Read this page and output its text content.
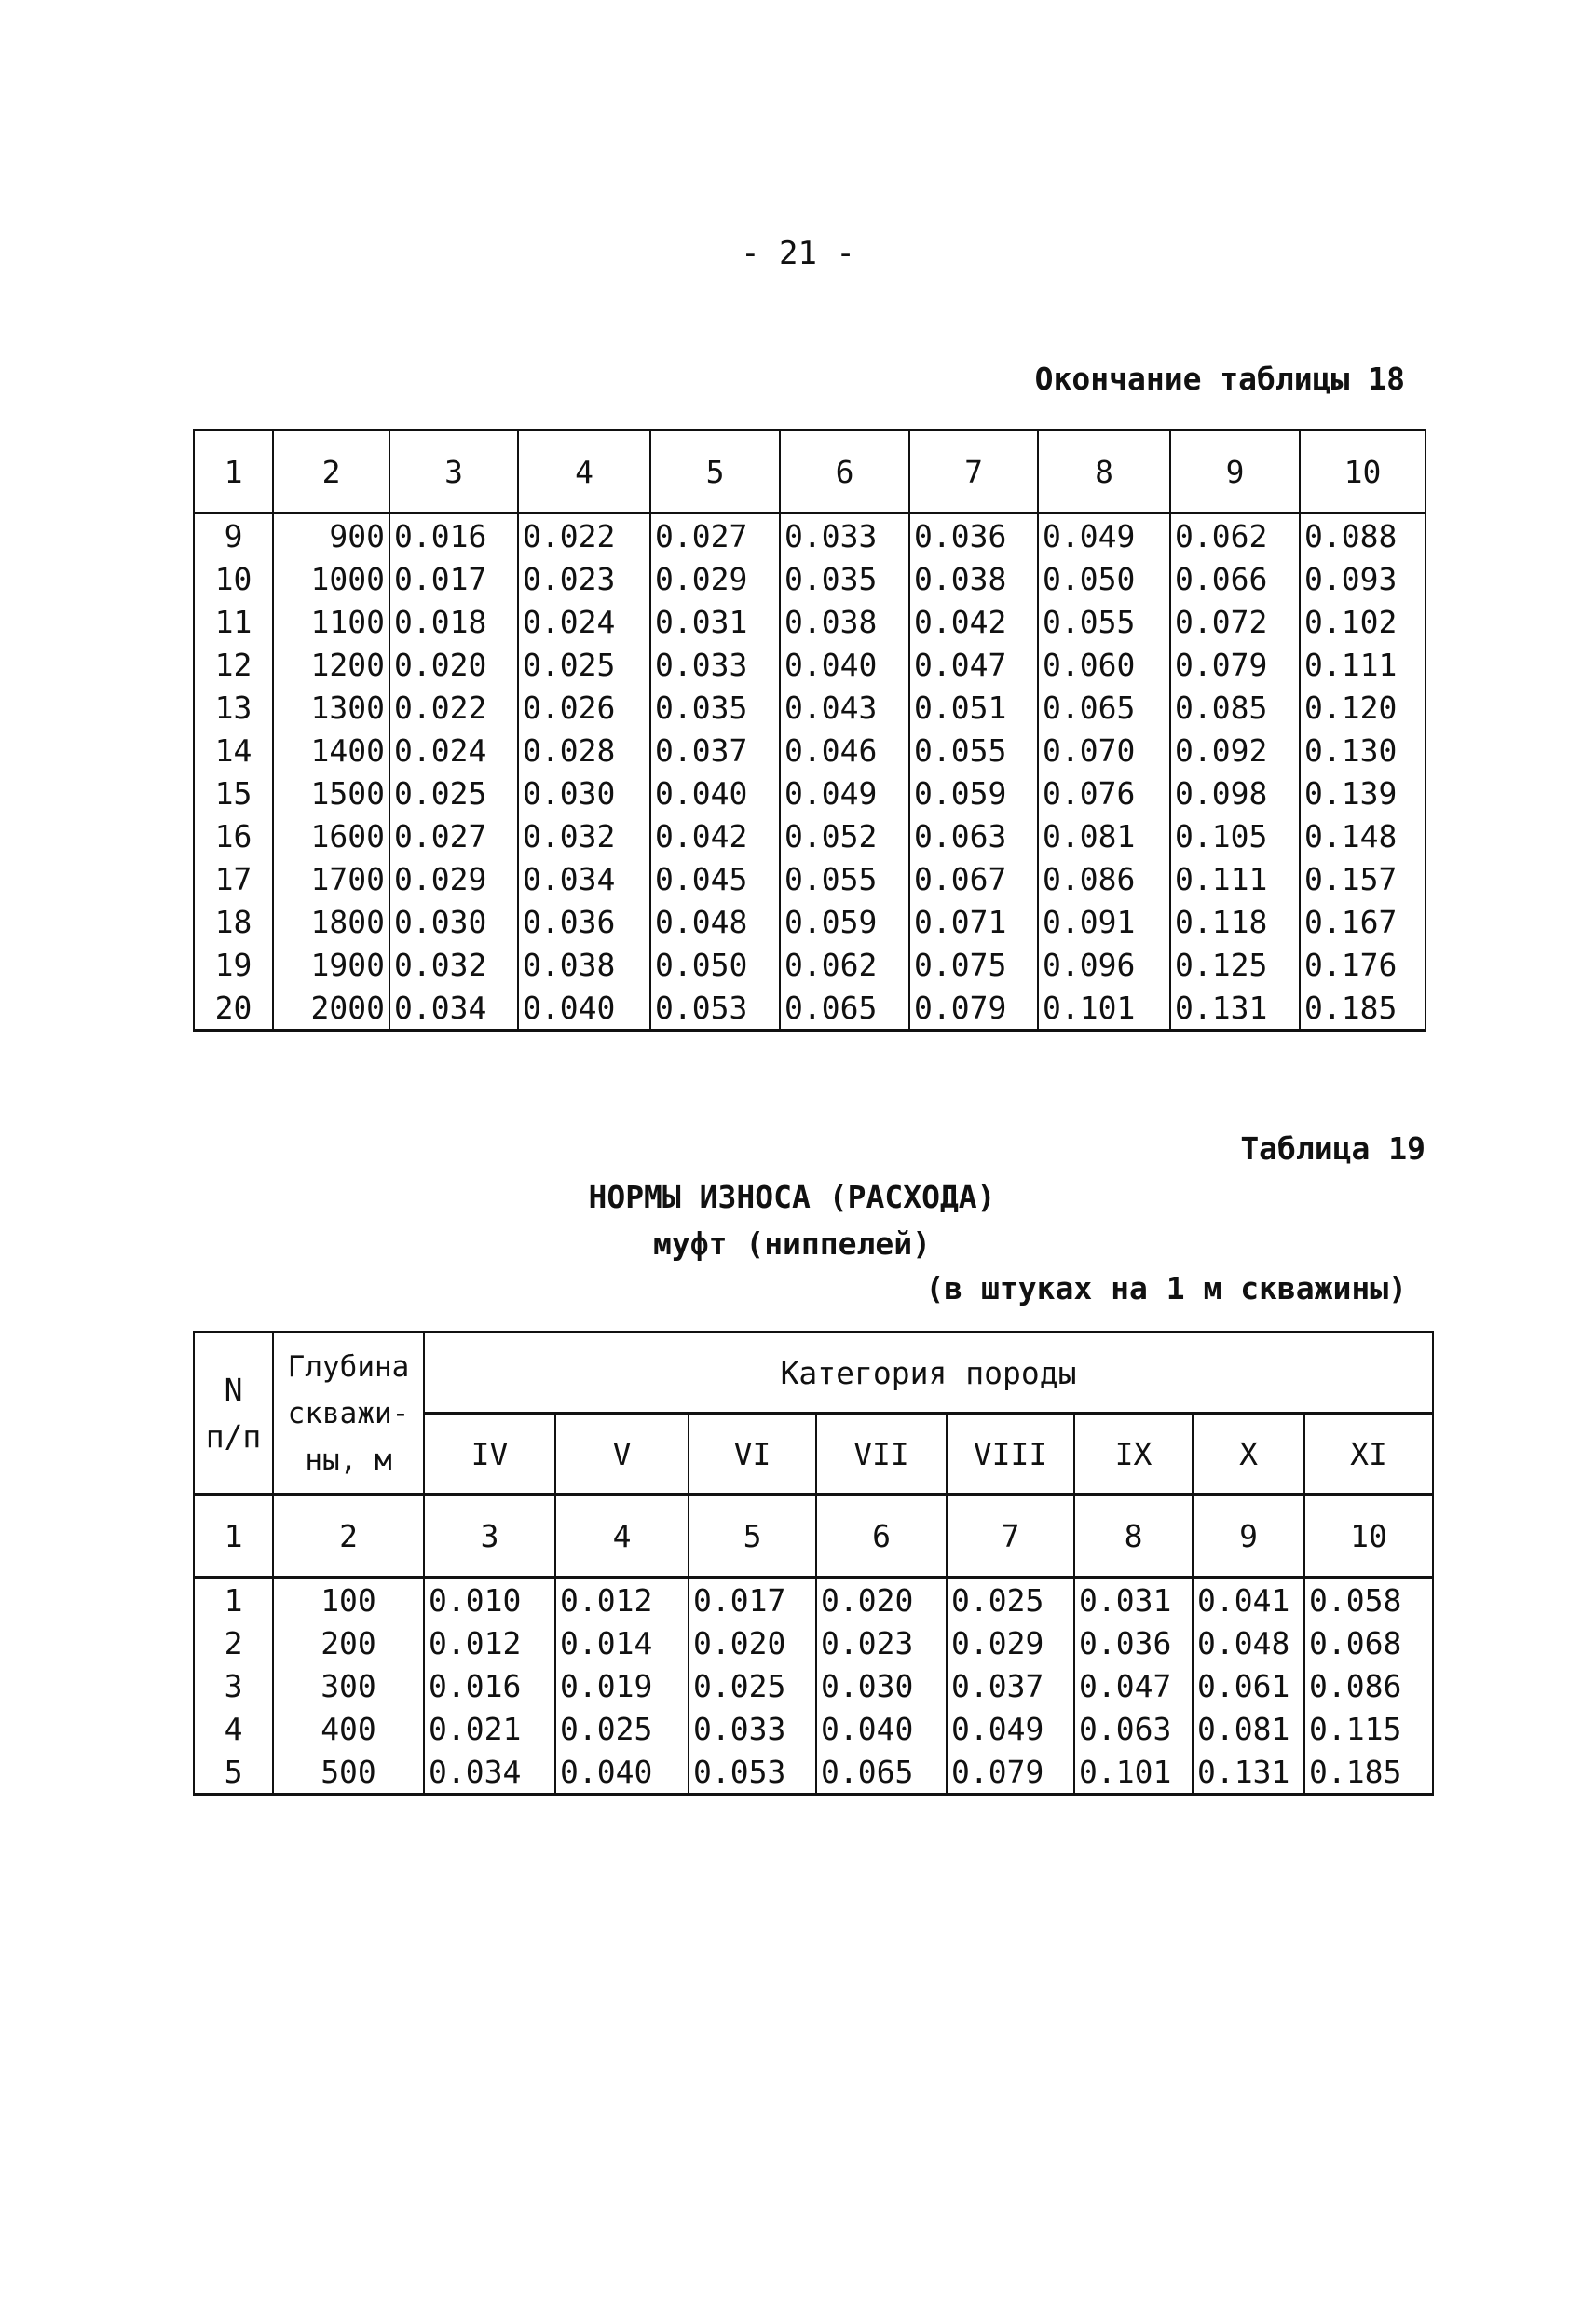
- 21 -
Окончание таблицы 18
1	2	3	4	5	6	7	8	9	10
9	900	0.016	0.022	0.027	0.033	0.036	0.049	0.062	0.088
10	1000	0.017	0.023	0.029	0.035	0.038	0.050	0.066	0.093
11	1100	0.018	0.024	0.031	0.038	0.042	0.055	0.072	0.102
12	1200	0.020	0.025	0.033	0.040	0.047	0.060	0.079	0.111
13	1300	0.022	0.026	0.035	0.043	0.051	0.065	0.085	0.120
14	1400	0.024	0.028	0.037	0.046	0.055	0.070	0.092	0.130
15	1500	0.025	0.030	0.040	0.049	0.059	0.076	0.098	0.139
16	1600	0.027	0.032	0.042	0.052	0.063	0.081	0.105	0.148
17	1700	0.029	0.034	0.045	0.055	0.067	0.086	0.111	0.157
18	1800	0.030	0.036	0.048	0.059	0.071	0.091	0.118	0.167
19	1900	0.032	0.038	0.050	0.062	0.075	0.096	0.125	0.176
20	2000	0.034	0.040	0.053	0.065	0.079	0.101	0.131	0.185
Таблица 19
НОРМЫ ИЗНОСА (РАСХОДА)
муфт (ниппелей)
(в штуках на 1 м скважины)
N п/п	Глубина скважи- ны, м	Категория породы							
		IV	V	VI	VII	VIII	IX	X	XI
1	2	3	4	5	6	7	8	9	10
1	100	0.010	0.012	0.017	0.020	0.025	0.031	0.041	0.058
2	200	0.012	0.014	0.020	0.023	0.029	0.036	0.048	0.068
3	300	0.016	0.019	0.025	0.030	0.037	0.047	0.061	0.086
4	400	0.021	0.025	0.033	0.040	0.049	0.063	0.081	0.115
5	500	0.034	0.040	0.053	0.065	0.079	0.101	0.131	0.185
